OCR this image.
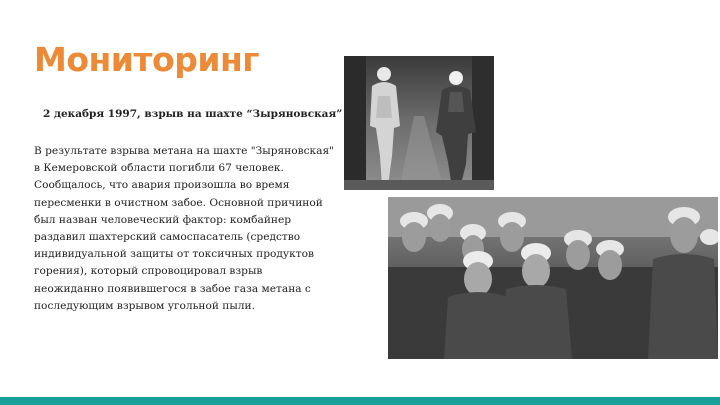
Мониторинг

2 декабря 1997, взрыв на шахте “Зыряновская”

В результате взрыва метана на шахте "Зыряновская" в Кемеровской области погибли 67 человек. Сообщалось, что авария произошла во время пересменки в очистном забое. Основной причиной был назван человеческий фактор: комбайнер раздавил шахтерский самоспасатель (средство индивидуальной защиты от токсичных продуктов горения), который спровоцировал взрыв неожиданно появившегося в забое газа метана с последующим взрывом угольной пыли.
